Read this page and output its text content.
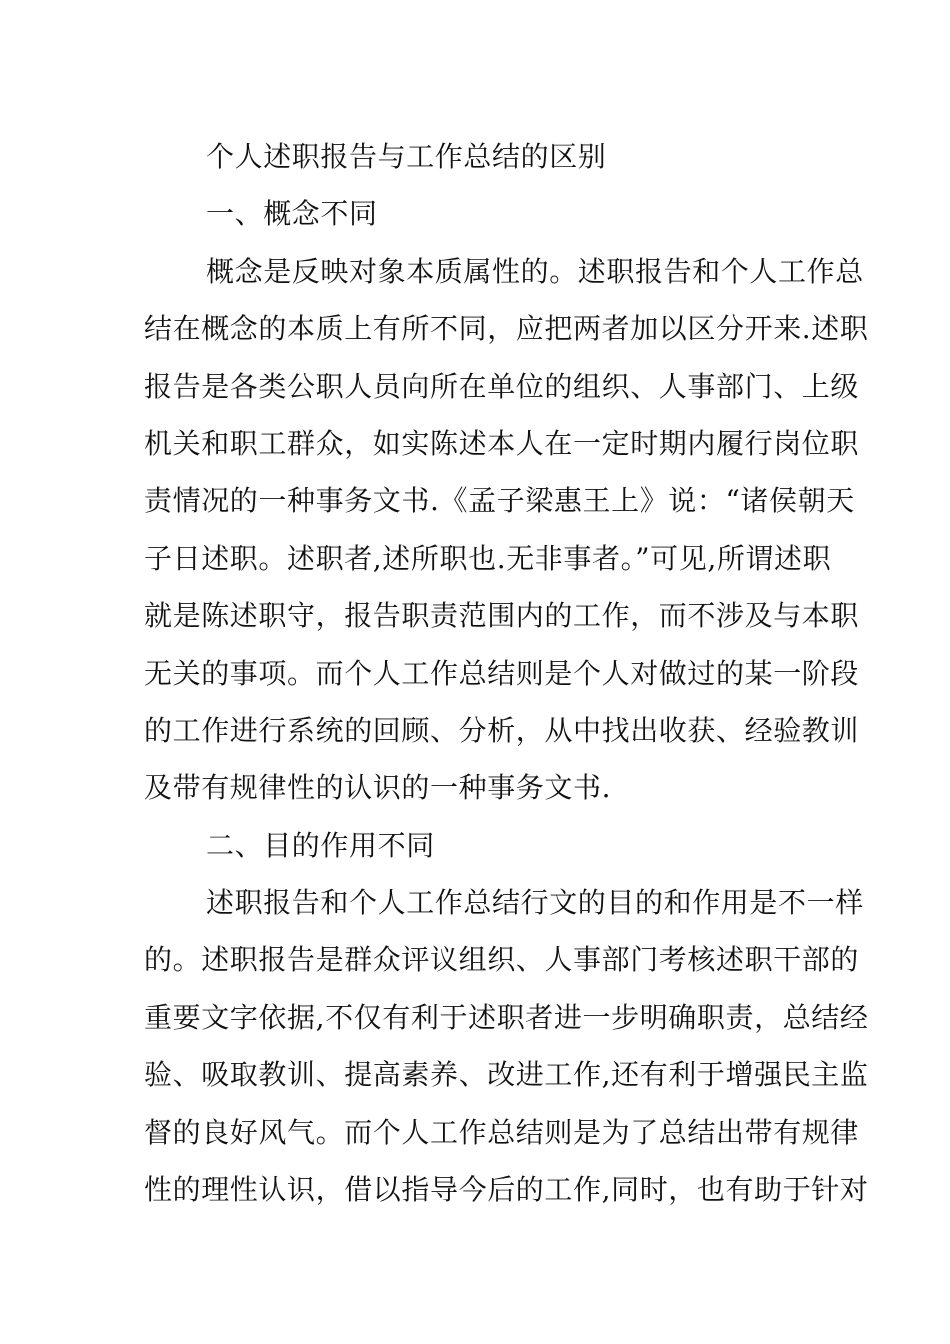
个人述职报告与工作总结的区别
一、概念不同
概念是反映对象本质属性的。述职报告和个人工作总
结在概念的本质上有所不同，应把两者加以区分开来.述职
报告是各类公职人员向所在单位的组织、人事部门、上级
机关和职工群众，如实陈述本人在一定时期内履行岗位职
责情况的一种事务文书.《孟子梁惠王上》说：“诸侯朝天
子日述职。述职者,述所职也.无非事者。”可见,所谓述职
就是陈述职守，报告职责范围内的工作，而不涉及与本职
无关的事项。而个人工作总结则是个人对做过的某一阶段
的工作进行系统的回顾、分析，从中找出收获、经验教训
及带有规律性的认识的一种事务文书.
二、目的作用不同
述职报告和个人工作总结行文的目的和作用是不一样
的。述职报告是群众评议组织、人事部门考核述职干部的
重要文字依据,不仅有利于述职者进一步明确职责，总结经
验、吸取教训、提高素养、改进工作,还有利于增强民主监
督的良好风气。而个人工作总结则是为了总结出带有规律
性的理性认识，借以指导今后的工作,同时，也有助于针对
